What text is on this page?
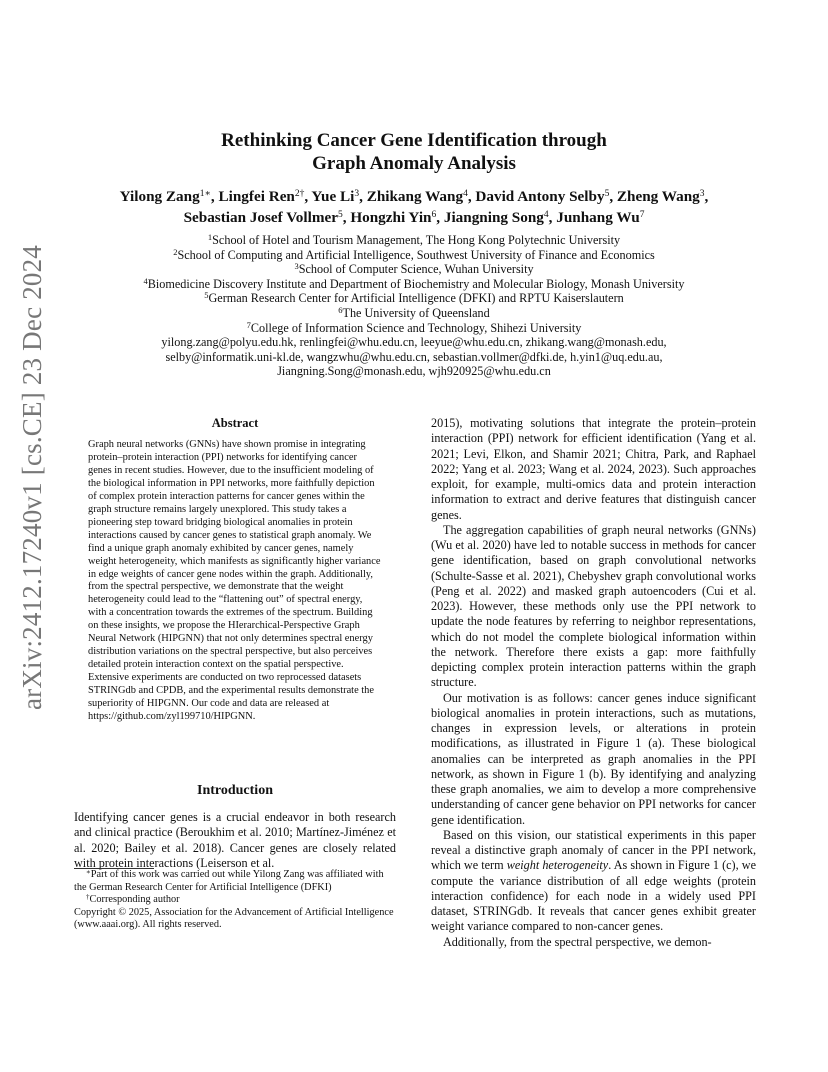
arXiv:2412.17240v1 [cs.CE] 23 Dec 2024
Rethinking Cancer Gene Identification through
Graph Anomaly Analysis
Yilong Zang$^{1∗}$, Lingfei Ren$^{2\dagger}$, Yue Li$^3$, Zhikang Wang$^4$, David Antony Selby$^5$, Zheng Wang$^3$,
Sebastian Josef Vollmer$^5$, Hongzhi Yin$^6$, Jiangning Song$^4$, Junhang Wu$^7$
$^1$School of Hotel and Tourism Management, The Hong Kong Polytechnic University
$^2$School of Computing and Artificial Intelligence, Southwest University of Finance and Economics
$^3$School of Computer Science, Wuhan University
$^4$Biomedicine Discovery Institute and Department of Biochemistry and Molecular Biology, Monash University
$^5$German Research Center for Artificial Intelligence (DFKI) and RPTU Kaiserslautern
$^6$The University of Queensland
$^7$College of Information Science and Technology, Shihezi University
yilong.zang@polyu.edu.hk, renlingfei@whu.edu.cn, leeyue@whu.edu.cn, zhikang.wang@monash.edu,
selby@informatik.uni-kl.de, wangzwhu@whu.edu.cn, sebastian.vollmer@dfki.de, h.yin1@uq.edu.au,
Jiangning.Song@monash.edu, wjh920925@whu.edu.cn
Abstract

Graph neural networks (GNNs) have shown promise in integrating protein–protein interaction (PPI) networks for identifying cancer genes in recent studies. However, due to the insufficient modeling of the biological information in PPI networks, more faithfully depiction of complex protein interaction patterns for cancer genes within the graph structure remains largely unexplored. This study takes a pioneering step toward bridging biological anomalies in protein interactions caused by cancer genes to statistical graph anomaly. We find a unique graph anomaly exhibited by cancer genes, namely weight heterogeneity, which manifests as significantly higher variance in edge weights of cancer gene nodes within the graph. Additionally, from the spectral perspective, we demonstrate that the weight heterogeneity could lead to the “flattening out” of spectral energy, with a concentration towards the extremes of the spectrum. Building on these insights, we propose the HIerarchical-Perspective Graph Neural Network (HIPGNN) that not only determines spectral energy distribution variations on the spectral perspective, but also perceives detailed protein interaction context on the spatial perspective. Extensive experiments are conducted on two reprocessed datasets STRINGdb and CPDB, and the experimental results demonstrate the superiority of HIPGNN. Our code and data are released at https://github.com/zyl199710/HIPGNN.

Introduction

Identifying cancer genes is a crucial endeavor in both research and clinical practice (Beroukhim et al. 2010; Martínez-Jiménez et al. 2020; Bailey et al. 2018). Cancer genes are closely related with protein interactions (Leiserson et al.

∗Part of this work was carried out while Yilong Zang was affiliated with the German Research Center for Artificial Intelligence (DFKI)

†Corresponding author

Copyright © 2025, Association for the Advancement of Artificial Intelligence (www.aaai.org). All rights reserved.

2015), motivating solutions that integrate the protein–protein interaction (PPI) network for efficient identification (Yang et al. 2021; Levi, Elkon, and Shamir 2021; Chitra, Park, and Raphael 2022; Yang et al. 2023; Wang et al. 2024, 2023). Such approaches exploit, for example, multi-omics data and protein interaction information to extract and derive features that distinguish cancer genes.

The aggregation capabilities of graph neural networks (GNNs) (Wu et al. 2020) have led to notable success in methods for cancer gene identification, based on graph convolutional networks (Schulte-Sasse et al. 2021), Chebyshev graph convolutional works (Peng et al. 2022) and masked graph autoencoders (Cui et al. 2023). However, these methods only use the PPI network to update the node features by referring to neighbor representations, which do not model the complete biological information within the network. Therefore there exists a gap: more faithfully depicting complex protein interaction patterns within the graph structure.

Our motivation is as follows: cancer genes induce significant biological anomalies in protein interactions, such as mutations, changes in expression levels, or alterations in protein modifications, as illustrated in Figure 1 (a). These biological anomalies can be interpreted as graph anomalies in the PPI network, as shown in Figure 1 (b). By identifying and analyzing these graph anomalies, we aim to develop a more comprehensive understanding of cancer gene behavior on PPI networks for cancer gene identification.

Based on this vision, our statistical experiments in this paper reveal a distinctive graph anomaly of cancer in the PPI network, which we term weight heterogeneity. As shown in Figure 1 (c), we compute the variance distribution of all edge weights (protein interaction confidence) for each node in a widely used PPI dataset, STRINGdb. It reveals that cancer genes exhibit greater weight variance compared to non-cancer genes.

Additionally, from the spectral perspective, we demon-
